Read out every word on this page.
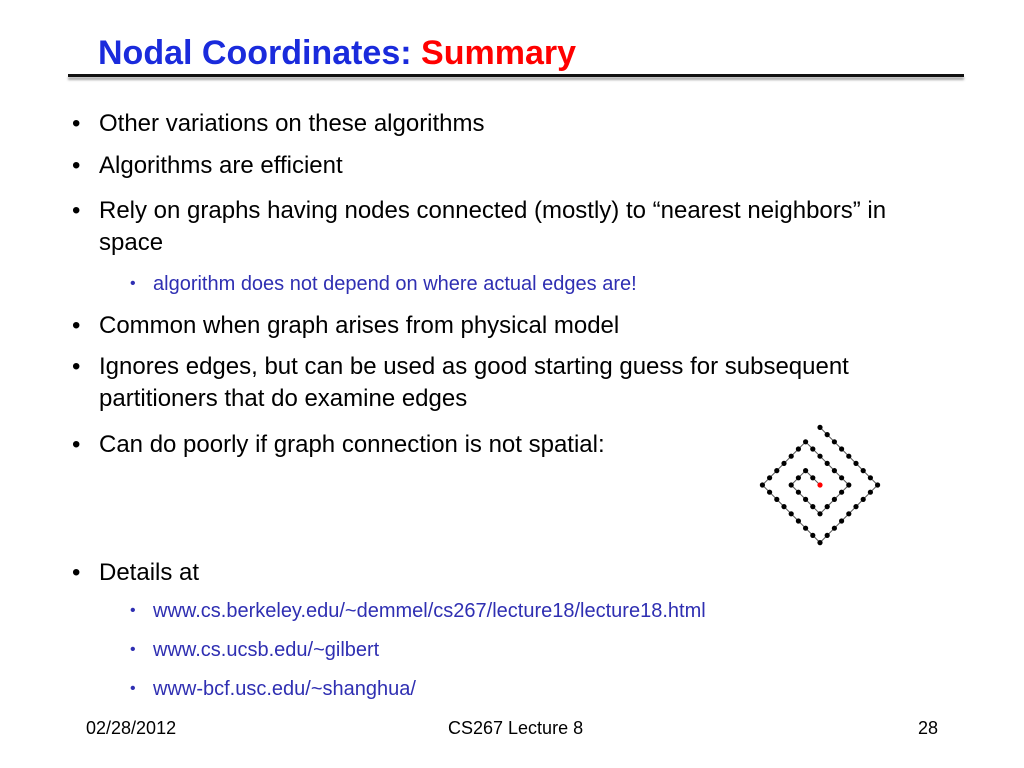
Nodal Coordinates: Summary
• Other variations on these algorithms
• Algorithms are efficient
• Rely on graphs having nodes connected (mostly) to “nearest neighbors” in space
• algorithm does not depend on where actual edges are!
• Common when graph arises from physical model
• Ignores edges, but can be used as good starting guess for subsequent partitioners that do examine edges
• Can do poorly if graph connection is not spatial:
• Details at
• www.cs.berkeley.edu/~demmel/cs267/lecture18/lecture18.html
• www.cs.ucsb.edu/~gilbert
• www-bcf.usc.edu/~shanghua/
02/28/2012	CS267 Lecture 8	28
